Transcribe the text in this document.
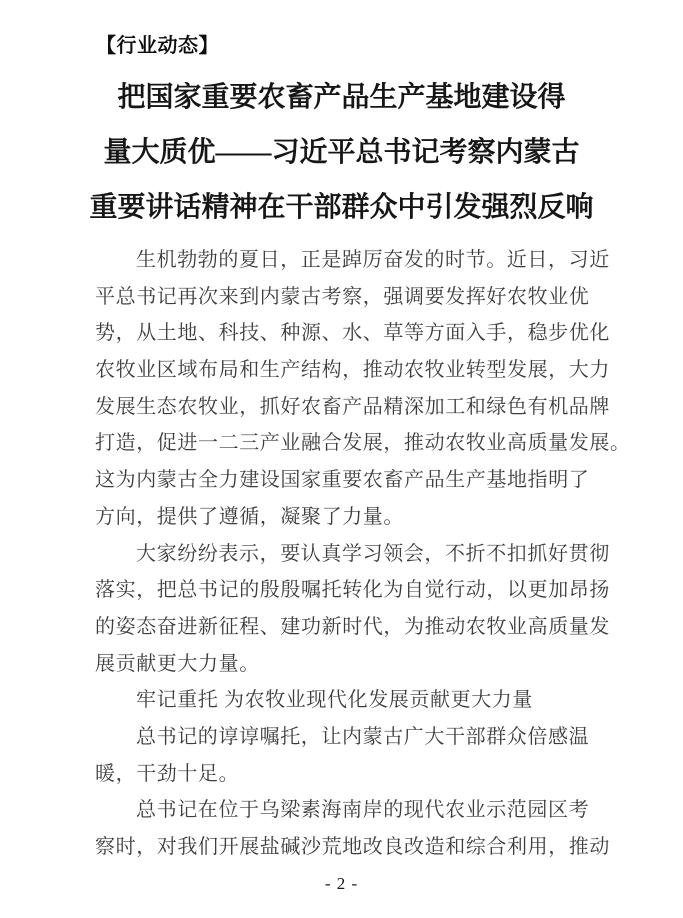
【行业动态】
把国家重要农畜产品生产基地建设得
量大质优——习近平总书记考察内蒙古
重要讲话精神在干部群众中引发强烈反响
生机勃勃的夏日，正是踔厉奋发的时节。近日，习近
平总书记再次来到内蒙古考察，强调要发挥好农牧业优
势，从土地、科技、种源、水、草等方面入手，稳步优化
农牧业区域布局和生产结构，推动农牧业转型发展，大力
发展生态农牧业，抓好农畜产品精深加工和绿色有机品牌
打造，促进一二三产业融合发展，推动农牧业高质量发展。
这为内蒙古全力建设国家重要农畜产品生产基地指明了
方向，提供了遵循，凝聚了力量。
大家纷纷表示，要认真学习领会，不折不扣抓好贯彻
落实，把总书记的殷殷嘱托转化为自觉行动，以更加昂扬
的姿态奋进新征程、建功新时代，为推动农牧业高质量发
展贡献更大力量。
牢记重托 为农牧业现代化发展贡献更大力量
总书记的谆谆嘱托，让内蒙古广大干部群众倍感温
暖，干劲十足。
总书记在位于乌梁素海南岸的现代农业示范园区考
察时，对我们开展盐碱沙荒地改良改造和综合利用，推动
- 2 -
